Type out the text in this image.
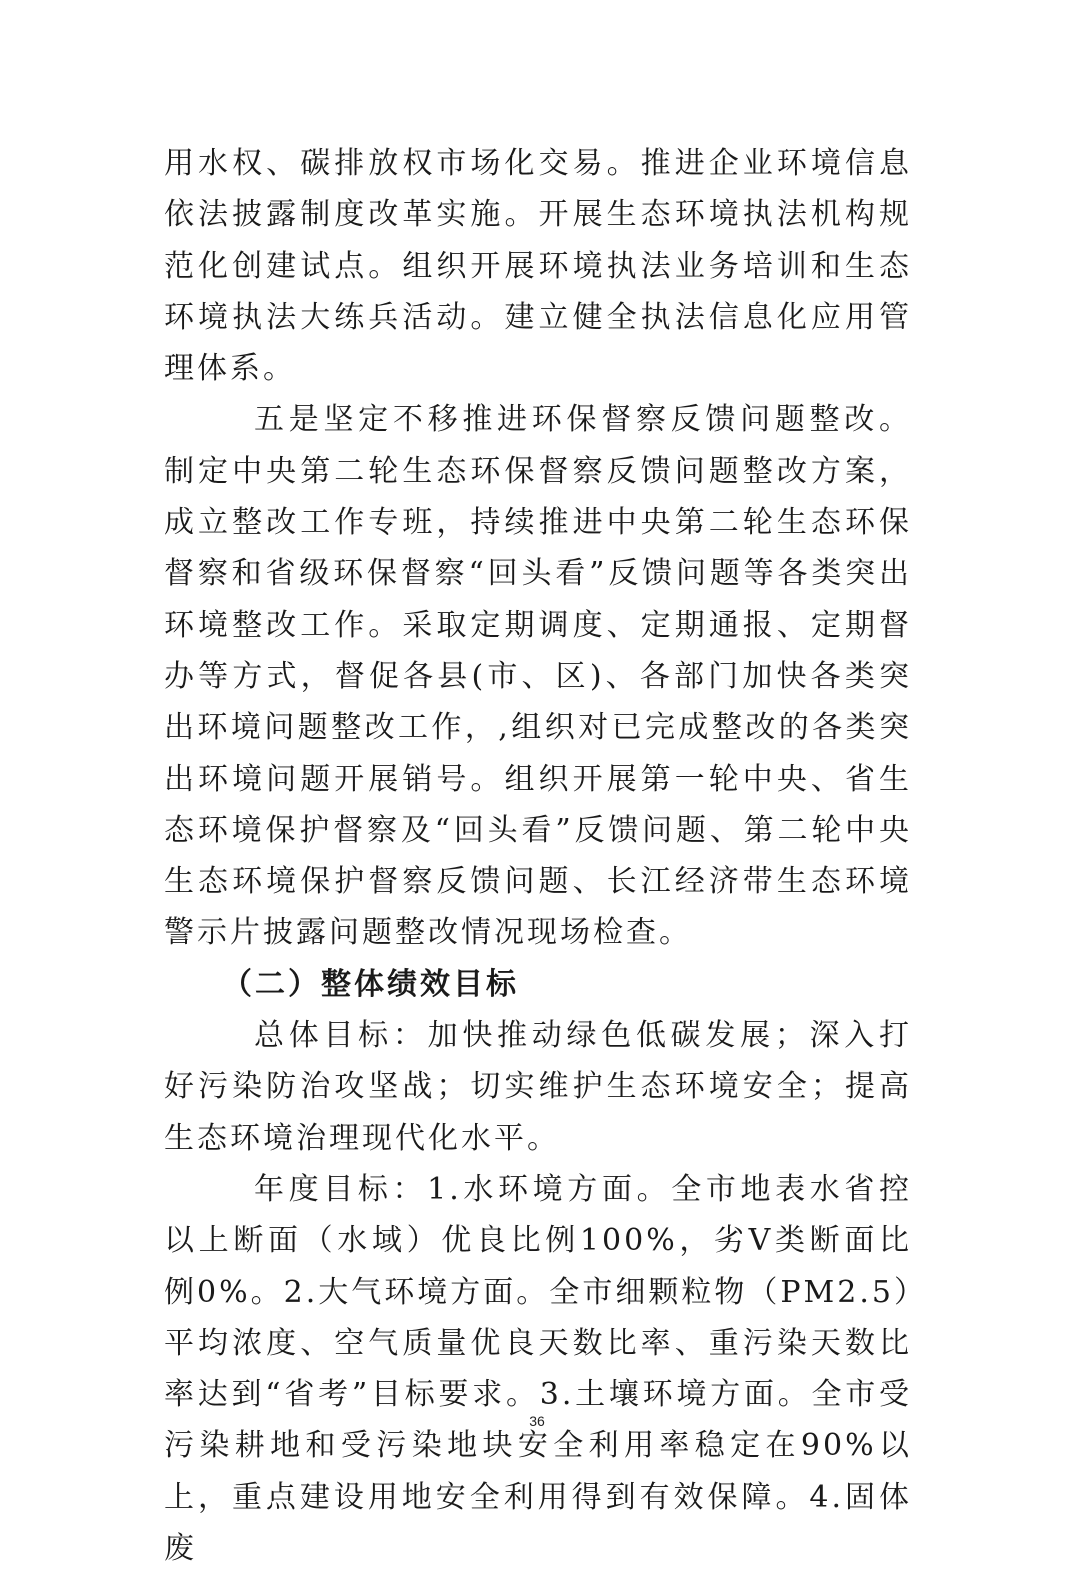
用水权、碳排放权市场化交易。推进企业环境信息依法披露制度改革实施。开展生态环境执法机构规范化创建试点。组织开展环境执法业务培训和生态环境执法大练兵活动。建立健全执法信息化应用管理体系。

五是坚定不移推进环保督察反馈问题整改。制定中央第二轮生态环保督察反馈问题整改方案，成立整改工作专班，持续推进中央第二轮生态环保督察和省级环保督察“回头看”反馈问题等各类突出环境整改工作。采取定期调度、定期通报、定期督办等方式，督促各县(市、区)、各部门加快各类突出环境问题整改工作，,组织对已完成整改的各类突出环境问题开展销号。组织开展第一轮中央、省生态环境保护督察及“回头看”反馈问题、第二轮中央生态环境保护督察反馈问题、长江经济带生态环境警示片披露问题整改情况现场检查。

（二）整体绩效目标

总体目标：加快推动绿色低碳发展；深入打好污染防治攻坚战；切实维护生态环境安全；提高生态环境治理现代化水平。

年度目标：1.水环境方面。全市地表水省控以上断面（水域）优良比例100%，劣Ⅴ类断面比例0%。2.大气环境方面。全市细颗粒物（PM2.5）平均浓度、空气质量优良天数比率、重污染天数比率达到“省考”目标要求。3.土壤环境方面。全市受污染耕地和受污染地块安全利用率稳定在90%以上，重点建设用地安全利用得到有效保障。4.固体废

36
